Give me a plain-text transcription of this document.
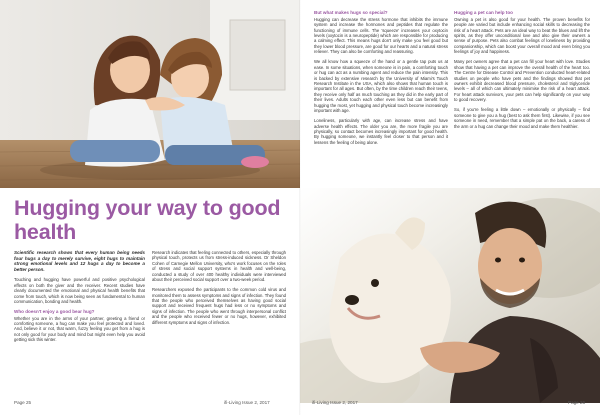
Hugging your way to good health

Scientific research shows that every human being needs four hugs a day to merely survive, eight hugs to maintain strong emotional levels and 12 hugs a day to become a better person.

Touching and hugging have powerful and positive psychological effects on both the giver and the receiver. Recent studies have clearly documented the emotional and physical health benefits that come from touch, which is now being seen as fundamental to human communication, bonding and health.

Who doesn't enjoy a good bear hug?

Whether you are in the arms of your partner, greeting a friend or comforting someone, a hug can make you feel protected and loved. And, believe it or not, that warm, fuzzy feeling you get from a hug is not only good for your body and mind but might even help you avoid getting sick this winter.

Research indicates that feeling connected to others, especially through physical touch, protects us from stress-induced sickness. Dr Sheldon Cohen of Carnegie Mellon University, who's work focuses on the roles of stress and social support systems in health and well-being, conducted a study of over 400 healthy individuals were interviewed about their perceived social support over a two-week period.

Researchers exposed the participants to the common cold virus and monitored them to assess symptoms and signs of infection. They found that the people who perceived themselves as having good social support and received frequent hugs had less or no symptoms and signs of infection. The people who went through interpersonal conflict and the people who received fewer or no hugs, however, exhibited different symptoms and signs of infection.

Page 25	ifi-Living Issue 2, 2017
But what makes hugs so special?

Hugging can decrease the stress hormone that inhibits the immune system and increase the hormones and peptides that regulate the functioning of immune cells. The 'squeeze' increases your oxytocin levels (oxytocin is a neuropeptide) which are responsible for producing a calming effect. This means hugs don't only make you feel good but they lower blood pressure, are good for our hearts and a natural stress reliever. They can also be comforting and reassuring.

We all know how a squeeze of the hand or a gentle tap puts us at ease. In some situations, when someone is in pain, a comforting touch or hug can act as a numbing agent and reduce the pain intensity. This is backed by extensive research by the University of Miami's Touch Research Institute in the USA, which also shows that human touch is important for all ages. But often, by the time children reach their teens, they receive only half as much touching as they did in the early part of their lives. Adults touch each other even less but can benefit from hugging the most, yet hugging and physical touch become increasingly important with age.

Loneliness, particularly with age, can increase stress and have adverse health effects. The older you are, the more fragile you are physically, so contact becomes increasingly important for good health. By hugging someone, we instantly feel closer to that person and it lessens the feeling of being alone.

Hugging a pet can help too

Owning a pet is also good for your health. The proven benefits for people are varied but include enhancing social skills to decreasing the risk of a heart attack. Pets are an ideal way to beat the blues and lift the spirits, as they offer unconditional love and also give their owners a sense of purpose. Pets also combat feelings of loneliness by providing companionship, which can boost your overall mood and even bring you feelings of joy and happiness.

Many pet owners agree that a pet can fill your heart with love. Studies show that having a pet can improve the overall health of the heart too. The Centre for Disease Control and Prevention conducted heart-related studies on people who have pets and the findings showed that pet owners exhibit decreased blood pressure, cholesterol and triglyceride levels – all of which can ultimately minimise the risk of a heart attack. For heart attack survivors, your pets can help significantly on your way to good recovery.

So, if you're feeling a little down – emotionally or physically – find someone to give you a hug (best to ask them first). Likewise, if you see someone in need, remember that a simple pat on the back, a caress of the arm or a hug can change their mood and make them healthier.

ifi-Living Issue 2, 2017	Page 26
